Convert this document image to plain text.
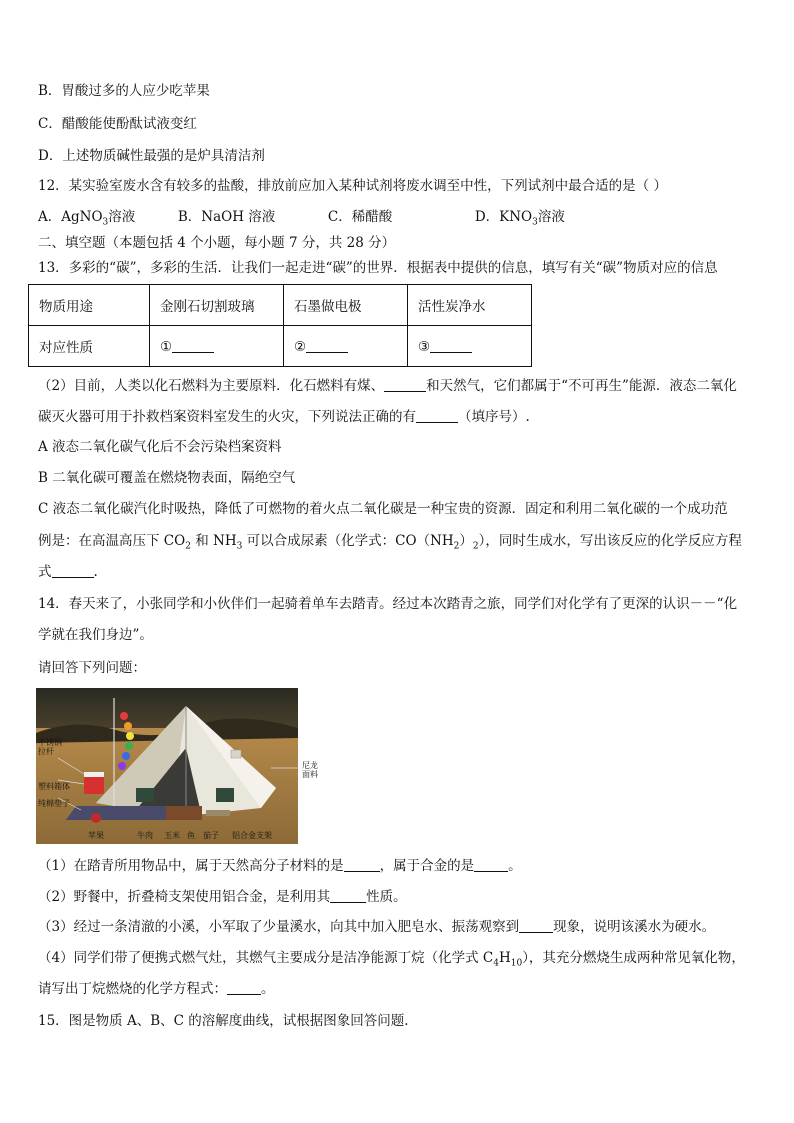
B．胃酸过多的人应少吃苹果
C．醋酸能使酚酞试液变红
D．上述物质碱性最强的是炉具清洁剂
12．某实验室废水含有较多的盐酸，排放前应加入某种试剂将废水调至中性，下列试剂中最合适的是（ ）
A．AgNO$_3$溶液	B．NaOH 溶液	C．稀醋酸	D．$KNO_3$溶液
二、填空题（本题包括 4 个小题，每小题 7 分，共 28 分）
13．多彩的“碳”，多彩的生活．让我们一起走进“碳”的世界．根据表中提供的信息，填写有关“碳”物质对应的信息
物质用途	金刚石切割玻璃	石墨做电极	活性炭净水
对应性质	①	②	③
（2）目前，人类以化石燃料为主要原料．化石燃料有煤、	和天然气，它们都属于“不可再生”能源．液态二氧化
碳灭火器可用于扑救档案资料室发生的火灾，下列说法正确的有	（填序号）.
A 液态二氧化碳气化后不会污染档案资料
B 二氧化碳可覆盖在燃烧物表面，隔绝空气
C 液态二氧化碳汽化时吸热，降低了可燃物的着火点二氧化碳是一种宝贵的资源．固定和利用二氧化碳的一个成功范
例是：在高温高压下 $CO_2$ 和 $NH_3$ 可以合成尿素（化学式：$CO(NH_2)_2$），同时生成水，写出该反应的化学反应方程
式	.
14．春天来了，小张同学和小伙伴们一起骑着单车去踏青。经过本次踏青之旅，同学们对化学有了更深的认识－－“化
学就在我们身边”。
请回答下列问题：
不锈钢
拉杆
塑料箱体
纯棉垫子
尼龙
面料
苹果	牛肉 玉米 鱼 茄子 铝合金支架
（1）在踏青所用物品中，属于天然高分子材料的是	，属于合金的是	。
（2）野餐中，折叠椅支架使用铝合金，是利用其	性质。
（3）经过一条清澈的小溪，小军取了少量溪水，向其中加入肥皂水、振荡观察到	现象，说明该溪水为硬水。
（4）同学们带了便携式燃气灶，其燃气主要成分是洁净能源丁烷（化学式 $C_4H_{10}$），其充分燃烧生成两种常见氧化物，
请写出丁烷燃烧的化学方程式：	。
15．图是物质 A、B、C 的溶解度曲线，试根据图象回答问题.
